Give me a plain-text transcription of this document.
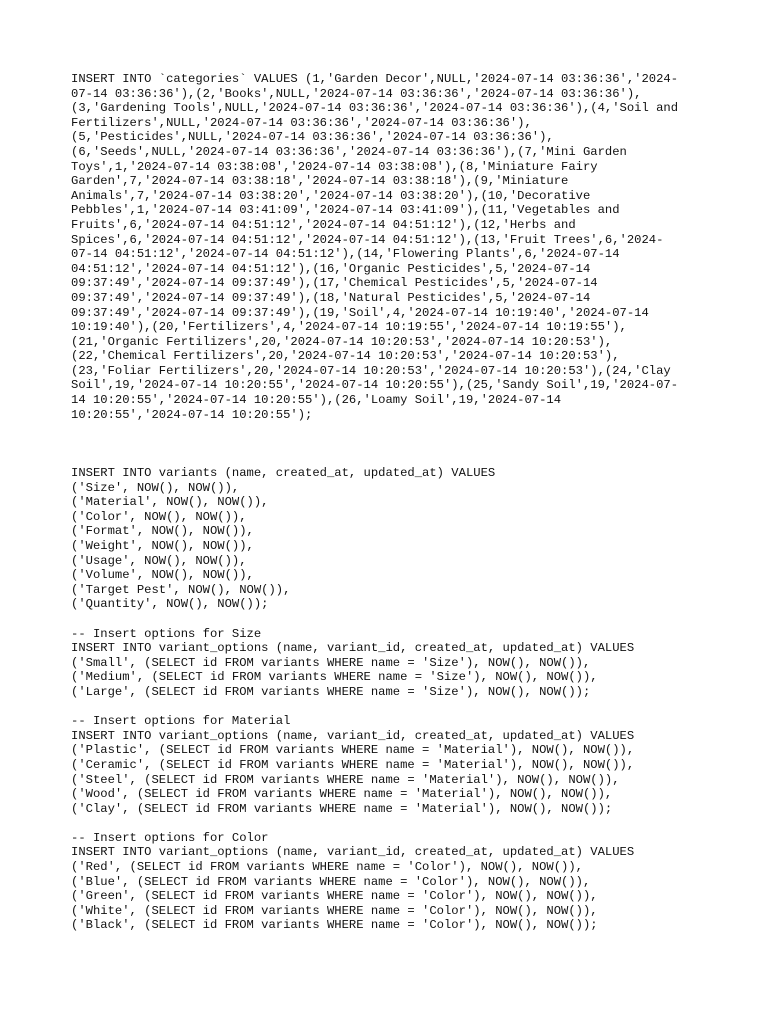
INSERT INTO `categories` VALUES (1,'Garden Decor',NULL,'2024-07-14 03:36:36','2024-
07-14 03:36:36'),(2,'Books',NULL,'2024-07-14 03:36:36','2024-07-14 03:36:36'),
(3,'Gardening Tools',NULL,'2024-07-14 03:36:36','2024-07-14 03:36:36'),(4,'Soil and
Fertilizers',NULL,'2024-07-14 03:36:36','2024-07-14 03:36:36'),
(5,'Pesticides',NULL,'2024-07-14 03:36:36','2024-07-14 03:36:36'),
(6,'Seeds',NULL,'2024-07-14 03:36:36','2024-07-14 03:36:36'),(7,'Mini Garden
Toys',1,'2024-07-14 03:38:08','2024-07-14 03:38:08'),(8,'Miniature Fairy
Garden',7,'2024-07-14 03:38:18','2024-07-14 03:38:18'),(9,'Miniature
Animals',7,'2024-07-14 03:38:20','2024-07-14 03:38:20'),(10,'Decorative
Pebbles',1,'2024-07-14 03:41:09','2024-07-14 03:41:09'),(11,'Vegetables and
Fruits',6,'2024-07-14 04:51:12','2024-07-14 04:51:12'),(12,'Herbs and
Spices',6,'2024-07-14 04:51:12','2024-07-14 04:51:12'),(13,'Fruit Trees',6,'2024-
07-14 04:51:12','2024-07-14 04:51:12'),(14,'Flowering Plants',6,'2024-07-14
04:51:12','2024-07-14 04:51:12'),(16,'Organic Pesticides',5,'2024-07-14
09:37:49','2024-07-14 09:37:49'),(17,'Chemical Pesticides',5,'2024-07-14
09:37:49','2024-07-14 09:37:49'),(18,'Natural Pesticides',5,'2024-07-14
09:37:49','2024-07-14 09:37:49'),(19,'Soil',4,'2024-07-14 10:19:40','2024-07-14
10:19:40'),(20,'Fertilizers',4,'2024-07-14 10:19:55','2024-07-14 10:19:55'),
(21,'Organic Fertilizers',20,'2024-07-14 10:20:53','2024-07-14 10:20:53'),
(22,'Chemical Fertilizers',20,'2024-07-14 10:20:53','2024-07-14 10:20:53'),
(23,'Foliar Fertilizers',20,'2024-07-14 10:20:53','2024-07-14 10:20:53'),(24,'Clay
Soil',19,'2024-07-14 10:20:55','2024-07-14 10:20:55'),(25,'Sandy Soil',19,'2024-07-
14 10:20:55','2024-07-14 10:20:55'),(26,'Loamy Soil',19,'2024-07-14
10:20:55','2024-07-14 10:20:55');
INSERT INTO variants (name, created_at, updated_at) VALUES
('Size', NOW(), NOW()),
('Material', NOW(), NOW()),
('Color', NOW(), NOW()),
('Format', NOW(), NOW()),
('Weight', NOW(), NOW()),
('Usage', NOW(), NOW()),
('Volume', NOW(), NOW()),
('Target Pest', NOW(), NOW()),
('Quantity', NOW(), NOW());
-- Insert options for Size
INSERT INTO variant_options (name, variant_id, created_at, updated_at) VALUES
('Small', (SELECT id FROM variants WHERE name = 'Size'), NOW(), NOW()),
('Medium', (SELECT id FROM variants WHERE name = 'Size'), NOW(), NOW()),
('Large', (SELECT id FROM variants WHERE name = 'Size'), NOW(), NOW());
-- Insert options for Material
INSERT INTO variant_options (name, variant_id, created_at, updated_at) VALUES
('Plastic', (SELECT id FROM variants WHERE name = 'Material'), NOW(), NOW()),
('Ceramic', (SELECT id FROM variants WHERE name = 'Material'), NOW(), NOW()),
('Steel', (SELECT id FROM variants WHERE name = 'Material'), NOW(), NOW()),
('Wood', (SELECT id FROM variants WHERE name = 'Material'), NOW(), NOW()),
('Clay', (SELECT id FROM variants WHERE name = 'Material'), NOW(), NOW());
-- Insert options for Color
INSERT INTO variant_options (name, variant_id, created_at, updated_at) VALUES
('Red', (SELECT id FROM variants WHERE name = 'Color'), NOW(), NOW()),
('Blue', (SELECT id FROM variants WHERE name = 'Color'), NOW(), NOW()),
('Green', (SELECT id FROM variants WHERE name = 'Color'), NOW(), NOW()),
('White', (SELECT id FROM variants WHERE name = 'Color'), NOW(), NOW()),
('Black', (SELECT id FROM variants WHERE name = 'Color'), NOW(), NOW());
